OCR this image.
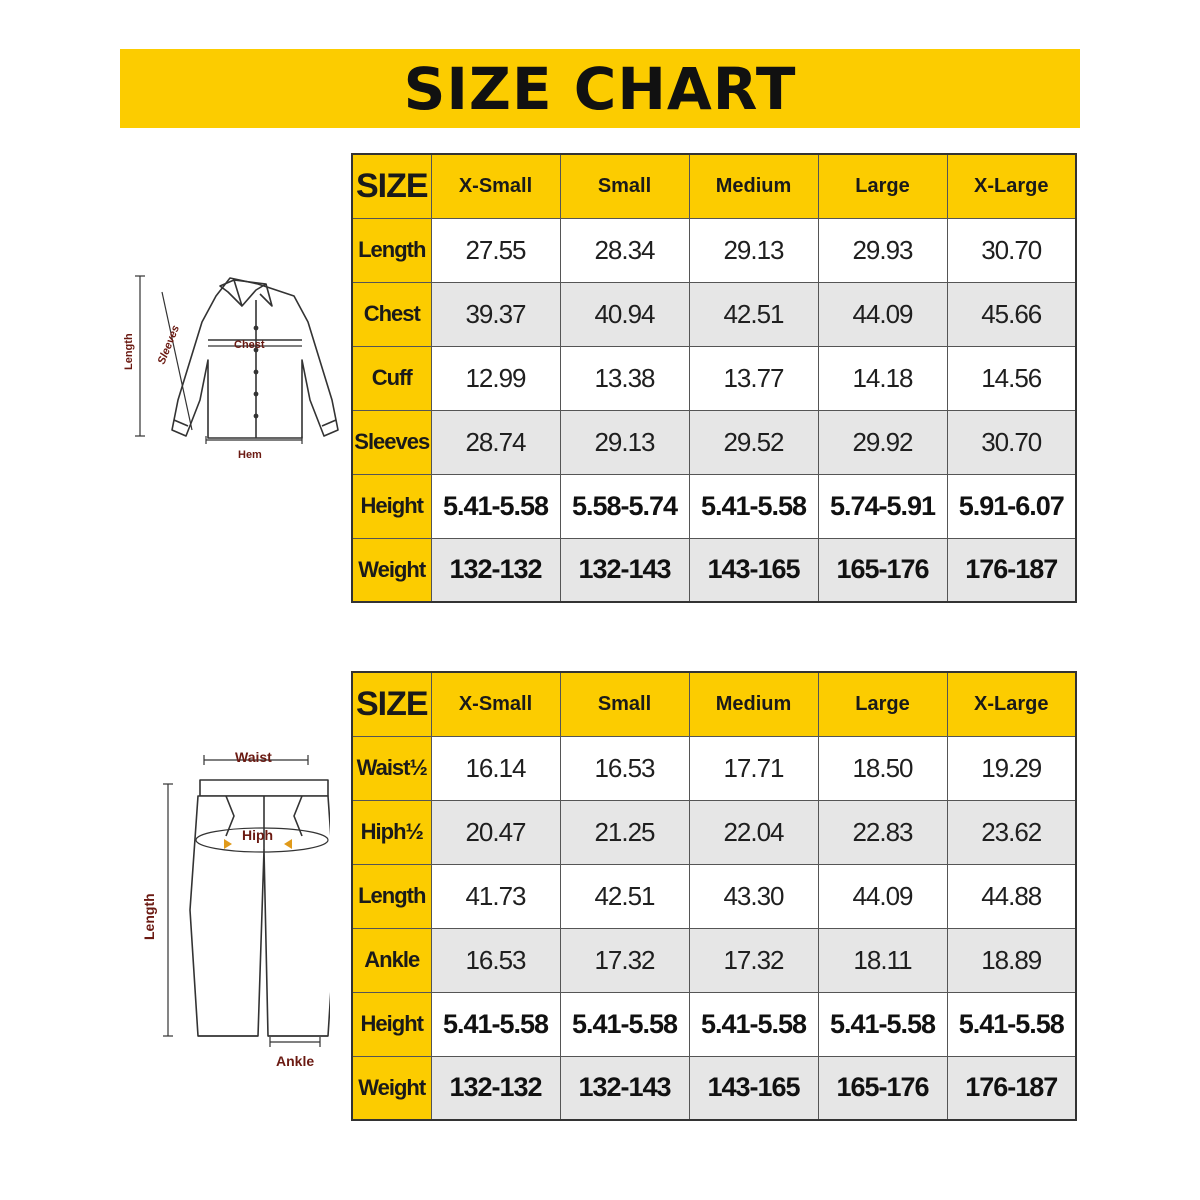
SIZE CHART
SIZE	X-Small	Small	Medium	Large	X-Large
Length	27.55	28.34	29.13	29.93	30.70
Chest	39.37	40.94	42.51	44.09	45.66
Cuff	12.99	13.38	13.77	14.18	14.56
Sleeves	28.74	29.13	29.52	29.92	30.70
Height	5.41-5.58	5.58-5.74	5.41-5.58	5.74-5.91	5.91-6.07
Weight	132-132	132-143	143-165	165-176	176-187
SIZE	X-Small	Small	Medium	Large	X-Large
Waist½	16.14	16.53	17.71	18.50	19.29
Hiph½	20.47	21.25	22.04	22.83	23.62
Length	41.73	42.51	43.30	44.09	44.88
Ankle	16.53	17.32	17.32	18.11	18.89
Height	5.41-5.58	5.41-5.58	5.41-5.58	5.41-5.58	5.41-5.58
Weight	132-132	132-143	143-165	165-176	176-187
Length Sleeves	Chest
Hem
Waist
Hiph
Length
Ankle
